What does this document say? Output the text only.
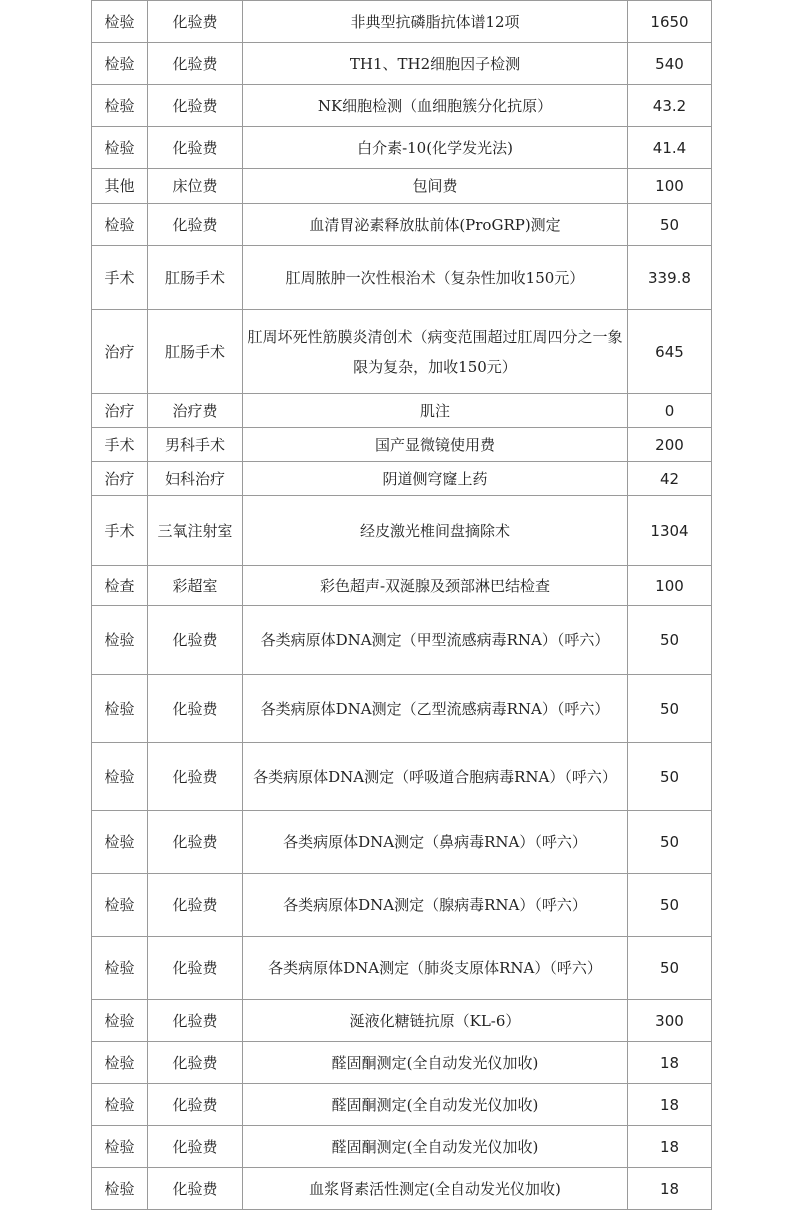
检验	化验费	非典型抗磷脂抗体谱12项	1650
检验	化验费	TH1、TH2细胞因子检测	540
检验	化验费	NK细胞检测（血细胞簇分化抗原）	43.2
检验	化验费	白介素-10(化学发光法)	41.4
其他	床位费	包间费	100
检验	化验费	血清胃泌素释放肽前体(ProGRP)测定	50
手术	肛肠手术	肛周脓肿一次性根治术（复杂性加收150元）	339.8
治疗	肛肠手术	肛周坏死性筋膜炎清创术（病变范围超过肛周四分之一象限为复杂，加收150元）	645
治疗	治疗费	肌注	0
手术	男科手术	国产显微镜使用费	200
治疗	妇科治疗	阴道侧穹窿上药	42
手术	三氧注射室	经皮激光椎间盘摘除术	1304
检查	彩超室	彩色超声-双涎腺及颈部淋巴结检查	100
检验	化验费	各类病原体DNA测定（甲型流感病毒RNA）（呼六）	50
检验	化验费	各类病原体DNA测定（乙型流感病毒RNA）（呼六）	50
检验	化验费	各类病原体DNA测定（呼吸道合胞病毒RNA）（呼六）	50
检验	化验费	各类病原体DNA测定（鼻病毒RNA）（呼六）	50
检验	化验费	各类病原体DNA测定（腺病毒RNA）（呼六）	50
检验	化验费	各类病原体DNA测定（肺炎支原体RNA）（呼六）	50
检验	化验费	涎液化糖链抗原（KL-6）	300
检验	化验费	醛固酮测定(全自动发光仪加收)	18
检验	化验费	醛固酮测定(全自动发光仪加收)	18
检验	化验费	醛固酮测定(全自动发光仪加收)	18
检验	化验费	血浆肾素活性测定(全自动发光仪加收)	18
